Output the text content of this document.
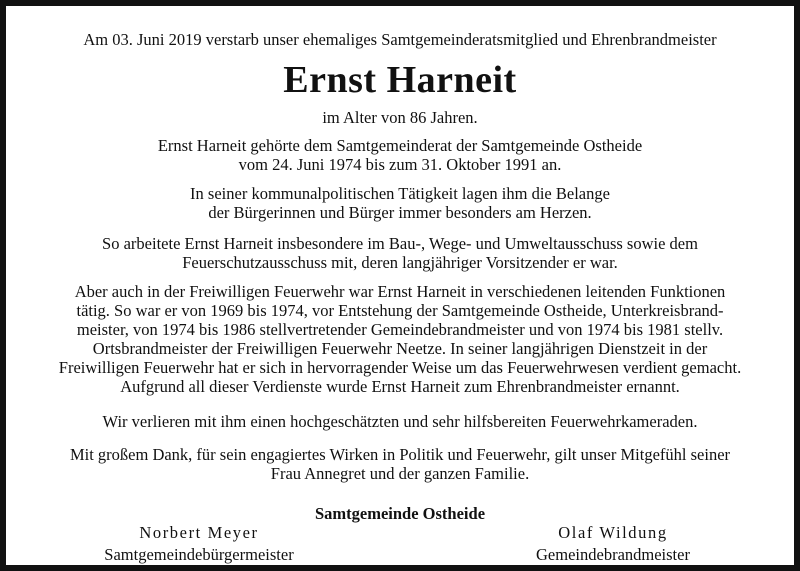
Am 03. Juni 2019 verstarb unser ehemaliges Samtgemeinderatsmitglied und Ehrenbrandmeister
Ernst Harneit
im Alter von 86 Jahren.
Ernst Harneit gehörte dem Samtgemeinderat der Samtgemeinde Ostheide
vom 24. Juni 1974 bis zum 31. Oktober 1991 an.
In seiner kommunalpolitischen Tätigkeit lagen ihm die Belange
der Bürgerinnen und Bürger immer besonders am Herzen.
So arbeitete Ernst Harneit insbesondere im Bau-, Wege- und Umweltausschuss sowie dem
Feuerschutzausschuss mit, deren langjähriger Vorsitzender er war.
Aber auch in der Freiwilligen Feuerwehr war Ernst Harneit in verschiedenen leitenden Funktionen
tätig. So war er von 1969 bis 1974, vor Entstehung der Samtgemeinde Ostheide, Unterkreisbrand-
meister, von 1974 bis 1986 stellvertretender Gemeindebrandmeister und von 1974 bis 1981 stellv.
Ortsbrandmeister der Freiwilligen Feuerwehr Neetze. In seiner langjährigen Dienstzeit in der
Freiwilligen Feuerwehr hat er sich in hervorragender Weise um das Feuerwehrwesen verdient gemacht.
Aufgrund all dieser Verdienste wurde Ernst Harneit zum Ehrenbrandmeister ernannt.
Wir verlieren mit ihm einen hochgeschätzten und sehr hilfsbereiten Feuerwehrkameraden.
Mit großem Dank, für sein engagiertes Wirken in Politik und Feuerwehr, gilt unser Mitgefühl seiner
Frau Annegret und der ganzen Familie.
Samtgemeinde Ostheide
Norbert Meyer
Samtgemeindebürgermeister
Olaf Wildung
Gemeindebrandmeister
